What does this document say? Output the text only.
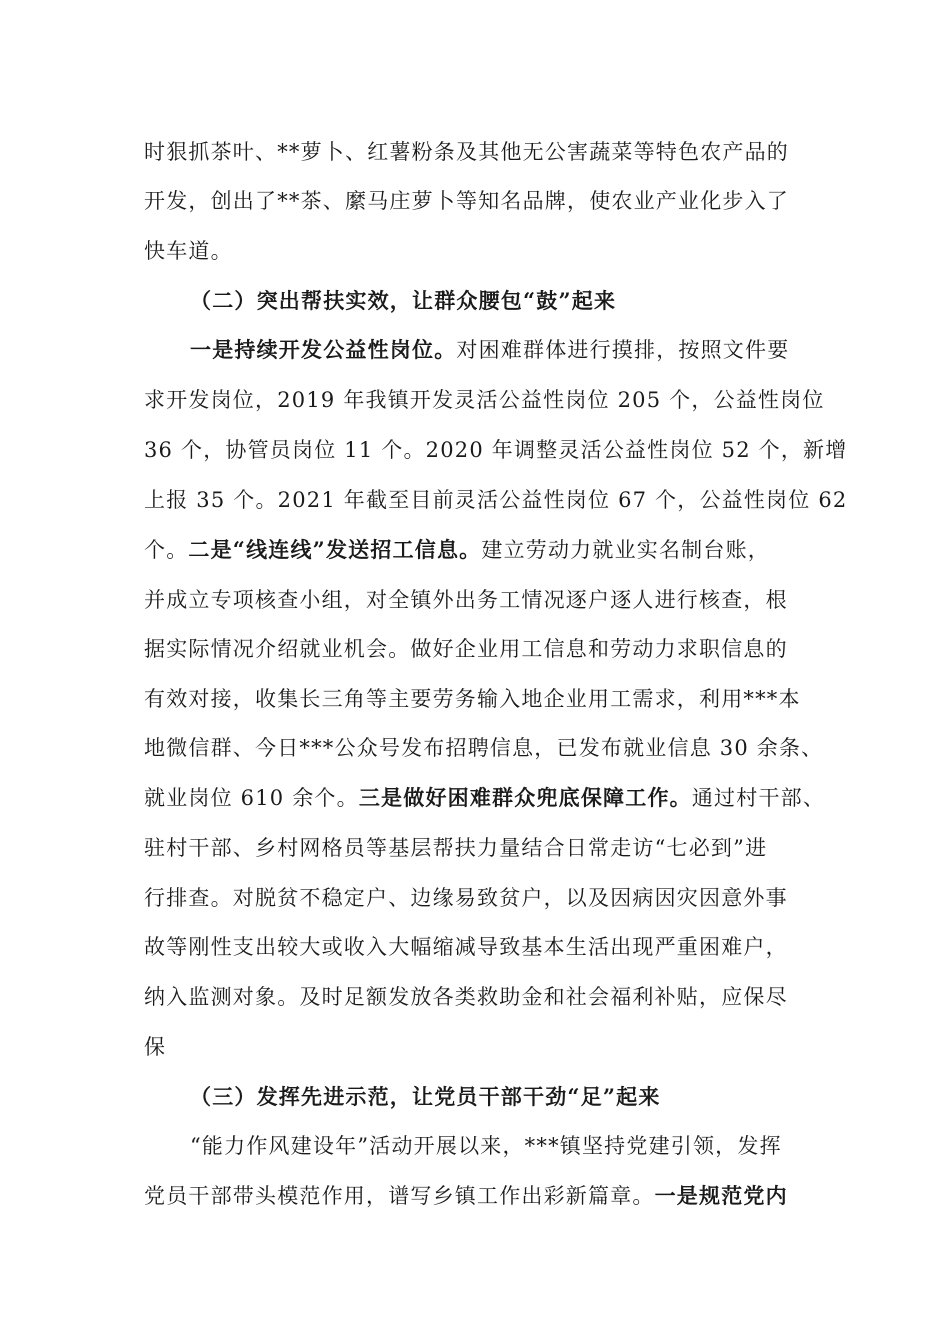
时狠抓茶叶、**萝卜、红薯粉条及其他无公害蔬菜等特色农产品的
开发，创出了**茶、縻马庄萝卜等知名品牌，使农业产业化步入了
快车道。
（二）突出帮扶实效，让群众腰包“鼓”起来
一是持续开发公益性岗位。对困难群体进行摸排，按照文件要
求开发岗位，2019 年我镇开发灵活公益性岗位 205 个，公益性岗位
36 个，协管员岗位 11 个。2020 年调整灵活公益性岗位 52 个，新增
上报 35 个。2021 年截至目前灵活公益性岗位 67 个，公益性岗位 62
个。二是“线连线”发送招工信息。建立劳动力就业实名制台账，
并成立专项核查小组，对全镇外出务工情况逐户逐人进行核查，根
据实际情况介绍就业机会。做好企业用工信息和劳动力求职信息的
有效对接，收集长三角等主要劳务输入地企业用工需求，利用***本
地微信群、今日***公众号发布招聘信息，已发布就业信息 30 余条、
就业岗位 610 余个。三是做好困难群众兜底保障工作。通过村干部、
驻村干部、乡村网格员等基层帮扶力量结合日常走访“七必到”进
行排查。对脱贫不稳定户、边缘易致贫户，以及因病因灾因意外事
故等刚性支出较大或收入大幅缩减导致基本生活出现严重困难户，
纳入监测对象。及时足额发放各类救助金和社会福利补贴，应保尽
保
（三）发挥先进示范，让党员干部干劲“足”起来
“能力作风建设年”活动开展以来，***镇坚持党建引领，发挥
党员干部带头模范作用，谱写乡镇工作出彩新篇章。一是规范党内
